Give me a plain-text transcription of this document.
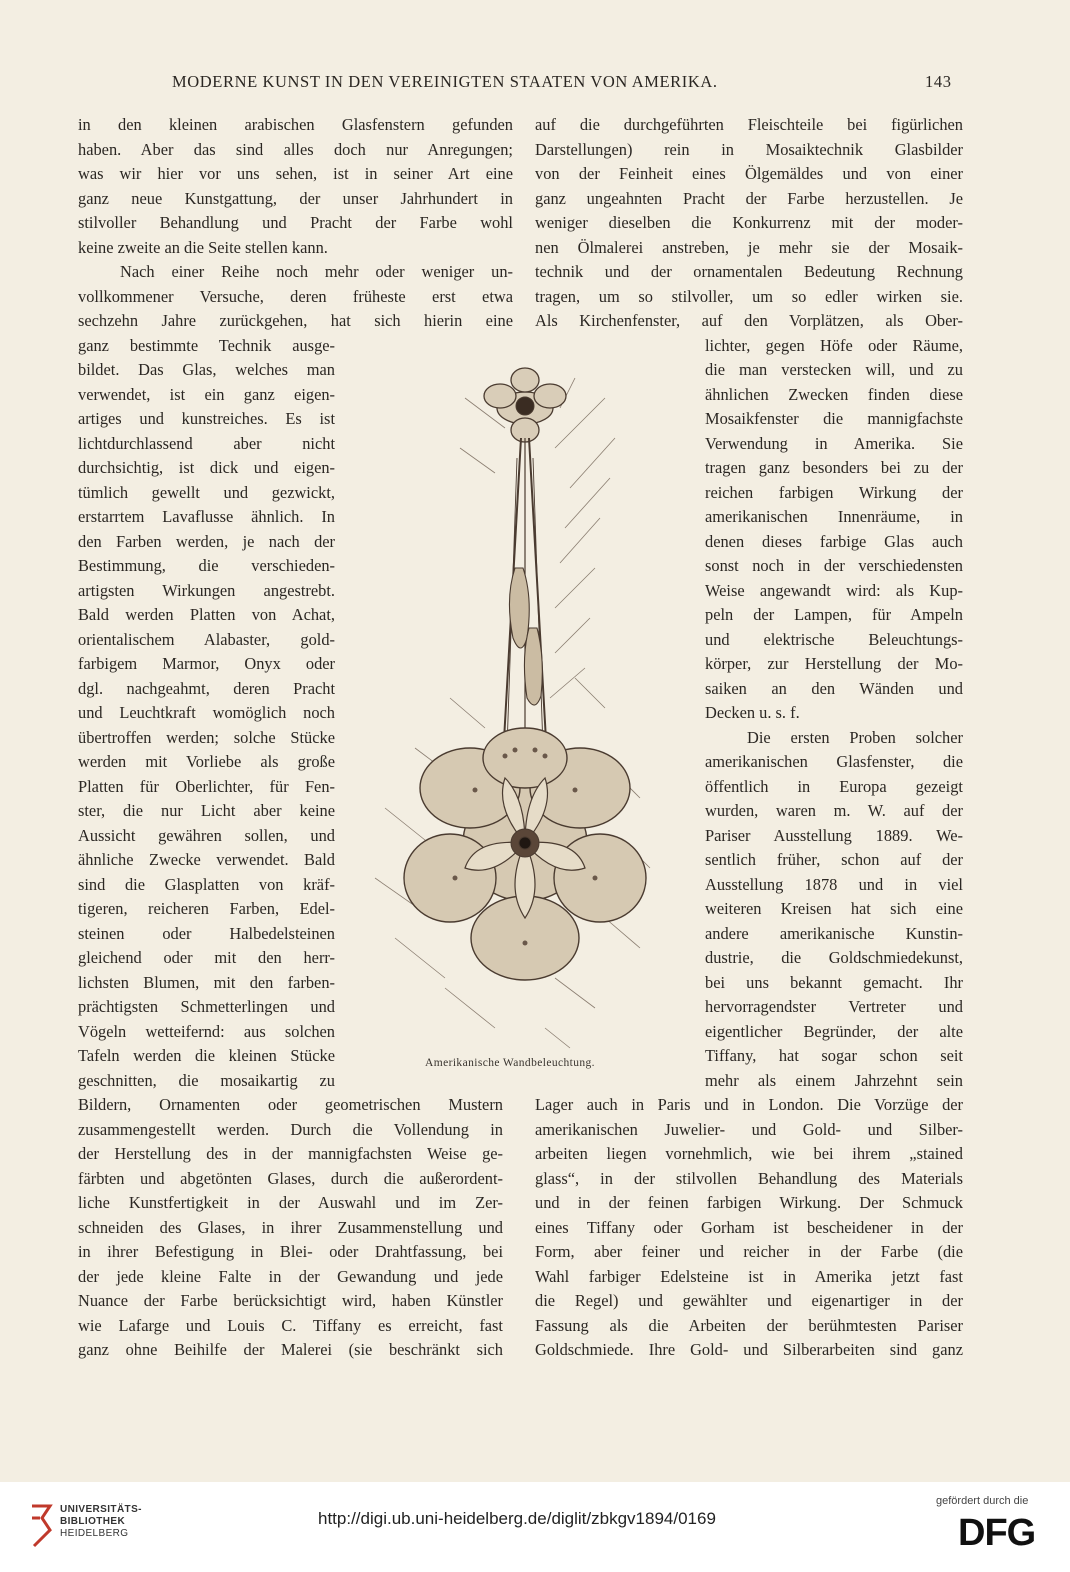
MODERNE KUNST IN DEN VEREINIGTEN STAATEN VON AMERIKA.	143
in den kleinen arabischen Glasfenstern gefunden
haben. Aber das sind alles doch nur Anregungen;
was wir hier vor uns sehen, ist in seiner Art eine
ganz neue Kunstgattung, der unser Jahrhundert in
stilvoller Behandlung und Pracht der Farbe wohl
keine zweite an die Seite stellen kann.
Nach einer Reihe noch mehr oder weniger un-
vollkommener Versuche, deren früheste erst etwa
sechzehn Jahre zurückgehen, hat sich hierin eine
ganz bestimmte Technik ausge-
bildet. Das Glas, welches man
verwendet, ist ein ganz eigen-
artiges und kunstreiches. Es ist
lichtdurchlassend aber nicht
durchsichtig, ist dick und eigen-
tümlich gewellt und gezwickt,
erstarrtem Lavaflusse ähnlich. In
den Farben werden, je nach der
Bestimmung, die verschieden-
artigsten Wirkungen angestrebt.
Bald werden Platten von Achat,
orientalischem Alabaster, gold-
farbigem Marmor, Onyx oder
dgl. nachgeahmt, deren Pracht
und Leuchtkraft womöglich noch
übertroffen werden; solche Stücke
werden mit Vorliebe als große
Platten für Oberlichter, für Fen-
ster, die nur Licht aber keine
Aussicht gewähren sollen, und
ähnliche Zwecke verwendet. Bald
sind die Glasplatten von kräf-
tigeren, reicheren Farben, Edel-
steinen oder Halbedelsteinen
gleichend oder mit den herr-
lichsten Blumen, mit den farben-
prächtigsten Schmetterlingen und
Vögeln wetteifernd: aus solchen
Tafeln werden die kleinen Stücke
geschnitten, die mosaikartig zu
Bildern, Ornamenten oder geometrischen Mustern
zusammengestellt werden. Durch die Vollendung in
der Herstellung des in der mannigfachsten Weise ge-
färbten und abgetönten Glases, durch die außerordent-
liche Kunstfertigkeit in der Auswahl und im Zer-
schneiden des Glases, in ihrer Zusammenstellung und
in ihrer Befestigung in Blei- oder Drahtfassung, bei
der jede kleine Falte in der Gewandung und jede
Nuance der Farbe berücksichtigt wird, haben Künstler
wie Lafarge und Louis C. Tiffany es erreicht, fast
ganz ohne Beihilfe der Malerei (sie beschränkt sich
auf die durchgeführten Fleischteile bei figürlichen
Darstellungen) rein in Mosaiktechnik Glasbilder
von der Feinheit eines Ölgemäldes und von einer
ganz ungeahnten Pracht der Farbe herzustellen. Je
weniger dieselben die Konkurrenz mit der moder-
nen Ölmalerei anstreben, je mehr sie der Mosaik-
technik und der ornamentalen Bedeutung Rechnung
tragen, um so stilvoller, um so edler wirken sie.
Als Kirchenfenster, auf den Vorplätzen, als Ober-
lichter, gegen Höfe oder Räume,
die man verstecken will, und zu
ähnlichen Zwecken finden diese
Mosaikfenster die mannigfachste
Verwendung in Amerika. Sie
tragen ganz besonders bei zu der
reichen farbigen Wirkung der
amerikanischen Innenräume, in
denen dieses farbige Glas auch
sonst noch in der verschiedensten
Weise angewandt wird: als Kup-
peln der Lampen, für Ampeln
und elektrische Beleuchtungs-
körper, zur Herstellung der Mo-
saiken an den Wänden und
Decken u. s. f.
Die ersten Proben solcher
amerikanischen Glasfenster, die
öffentlich in Europa gezeigt
wurden, waren m. W. auf der
Pariser Ausstellung 1889. We-
sentlich früher, schon auf der
Ausstellung 1878 und in viel
weiteren Kreisen hat sich eine
andere amerikanische Kunstin-
dustrie, die Goldschmiedekunst,
bei uns bekannt gemacht. Ihr
hervorragendster Vertreter und
eigentlicher Begründer, der alte
Tiffany, hat sogar schon seit
mehr als einem Jahrzehnt sein
Lager auch in Paris und in London. Die Vorzüge der
amerikanischen Juwelier- und Gold- und Silber-
arbeiten liegen vornehmlich, wie bei ihrem „stained
glass“, in der stilvollen Behandlung des Materials
und in der feinen farbigen Wirkung. Der Schmuck
eines Tiffany oder Gorham ist bescheidener in der
Form, aber feiner und reicher in der Farbe (die
Wahl farbiger Edelsteine ist in Amerika jetzt fast
die Regel) und gewählter und eigenartiger in der
Fassung als die Arbeiten der berühmtesten Pariser
Goldschmiede. Ihre Gold- und Silberarbeiten sind ganz
Amerikanische Wandbeleuchtung.
UNIVERSITÄTS-
BIBLIOTHEK
HEIDELBERG
http://digi.ub.uni-heidelberg.de/diglit/zbkgv1894/0169
gefördert durch die
DFG
